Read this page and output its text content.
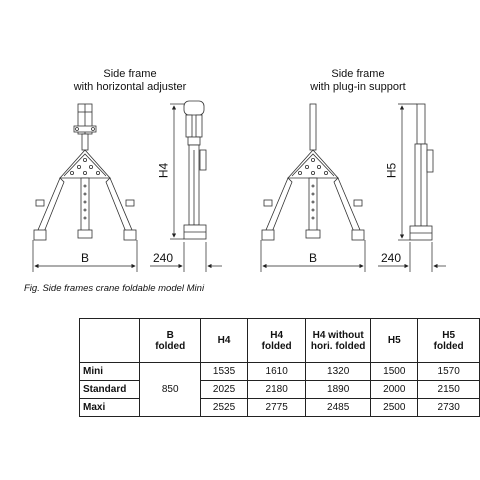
Side frame
with horizontal adjuster
Side frame
with plug-in support
B	240
H4
B	240
H5
Fig. Side frames crane foldable model Mini

	B folded	H4	H4 folded	H4 without hori. folded	H5	H5 folded

Mini	850	1535	1610	1320	1500	1570
Standard		2025	2180	1890	2000	2150
Maxi		2525	2775	2485	2500	2730
